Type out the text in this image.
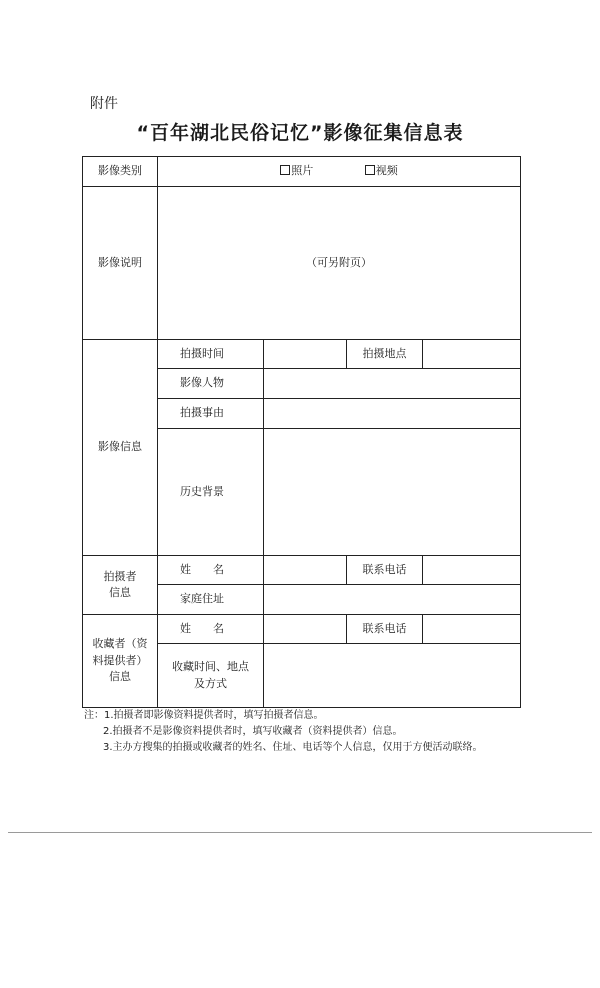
附件
“百年湖北民俗记忆”影像征集信息表
影像类别	照片 视频			
影像说明	（可另附页）			
影像信息	拍摄时间		拍摄地点	
	影像人物			
	拍摄事由			
	历史背景			

拍摄者
信息	姓　　名		联系电话	
	家庭住址			

收藏者（资
料提供者）
信息	姓　　名		联系电话	

	收藏时间、地点
及方式			

注：1.拍摄者即影像资料提供者时，填写拍摄者信息。
2.拍摄者不是影像资料提供者时，填写收藏者（资料提供者）信息。
3.主办方搜集的拍摄或收藏者的姓名、住址、电话等个人信息，仅用于方便活动联络。
